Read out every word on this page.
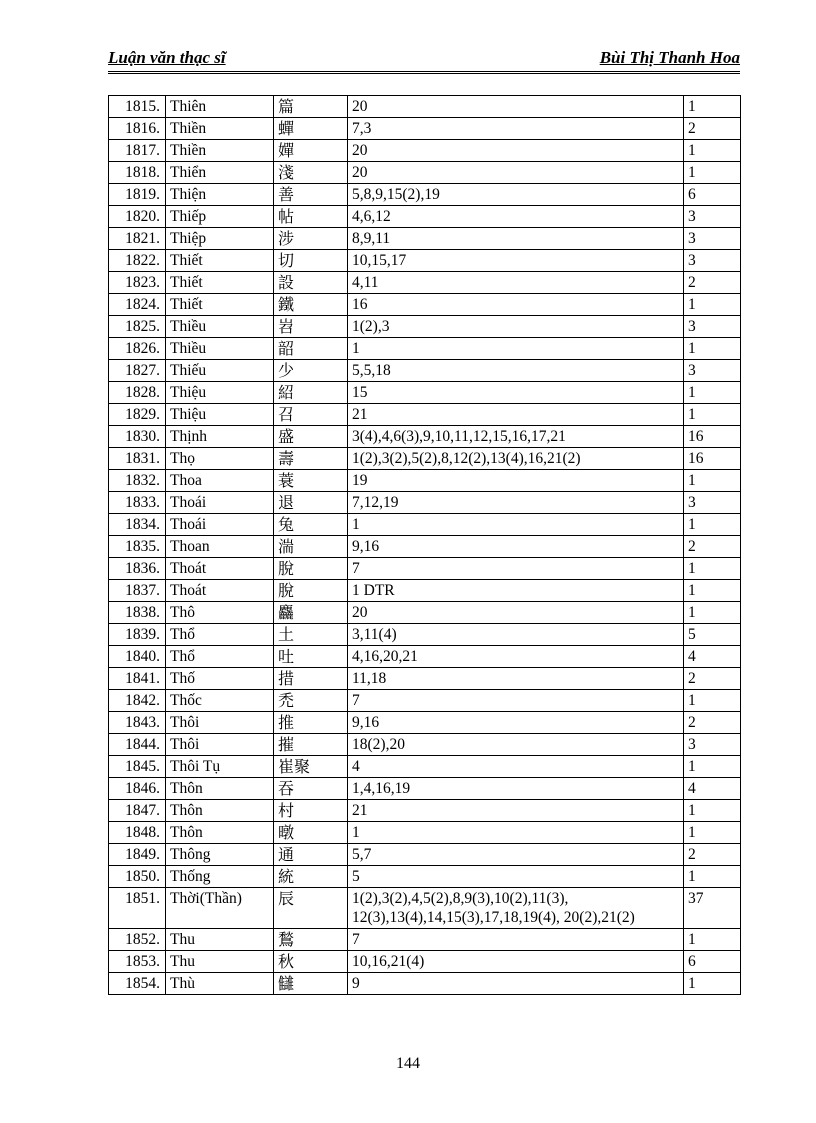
Luận văn thạc sĩ	Bùi Thị Thanh Hoa
1815.	Thiên	篇	20	1
1816.	Thiền	蟬	7,3	2
1817.	Thiền	嬋	20	1
1818.	Thiển	淺	20	1
1819.	Thiện	善	5,8,9,15(2),19	6
1820.	Thiếp	帖	4,6,12	3
1821.	Thiệp	涉	8,9,11	3
1822.	Thiết	切	10,15,17	3
1823.	Thiết	設	4,11	2
1824.	Thiết	鐵	16	1
1825.	Thiều	岧	1(2),3	3
1826.	Thiều	韶	1	1
1827.	Thiếu	少	5,5,18	3
1828.	Thiệu	紹	15	1
1829.	Thiệu	召	21	1
1830.	Thịnh	盛	3(4),4,6(3),9,10,11,12,15,16,17,21	16
1831.	Thọ	壽	1(2),3(2),5(2),8,12(2),13(4),16,21(2)	16
1832.	Thoa	蓑	19	1
1833.	Thoái	退	7,12,19	3
1834.	Thoái	兔	1	1
1835.	Thoan	湍	9,16	2
1836.	Thoát	脫	7	1
1837.	Thoát	脫	1 DTR	1
1838.	Thô	麤	20	1
1839.	Thổ	土	3,11(4)	5
1840.	Thổ	吐	4,16,20,21	4
1841.	Thố	措	11,18	2
1842.	Thốc	禿	7	1
1843.	Thôi	推	9,16	2
1844.	Thôi	摧	18(2),20	3
1845.	Thôi Tụ	崔聚	4	1
1846.	Thôn	吞	1,4,16,19	4
1847.	Thôn	村	21	1
1848.	Thôn	暾	1	1
1849.	Thông	通	5,7	2
1850.	Thống	統	5	1
1851.	Thời(Thần)	辰	1(2),3(2),4,5(2),8,9(3),10(2),11(3), 12(3),13(4),14,15(3),17,18,19(4), 20(2),21(2)	37
1852.	Thu	鶖	7	1
1853.	Thu	秋	10,16,21(4)	6
1854.	Thù	讎	9	1
144
